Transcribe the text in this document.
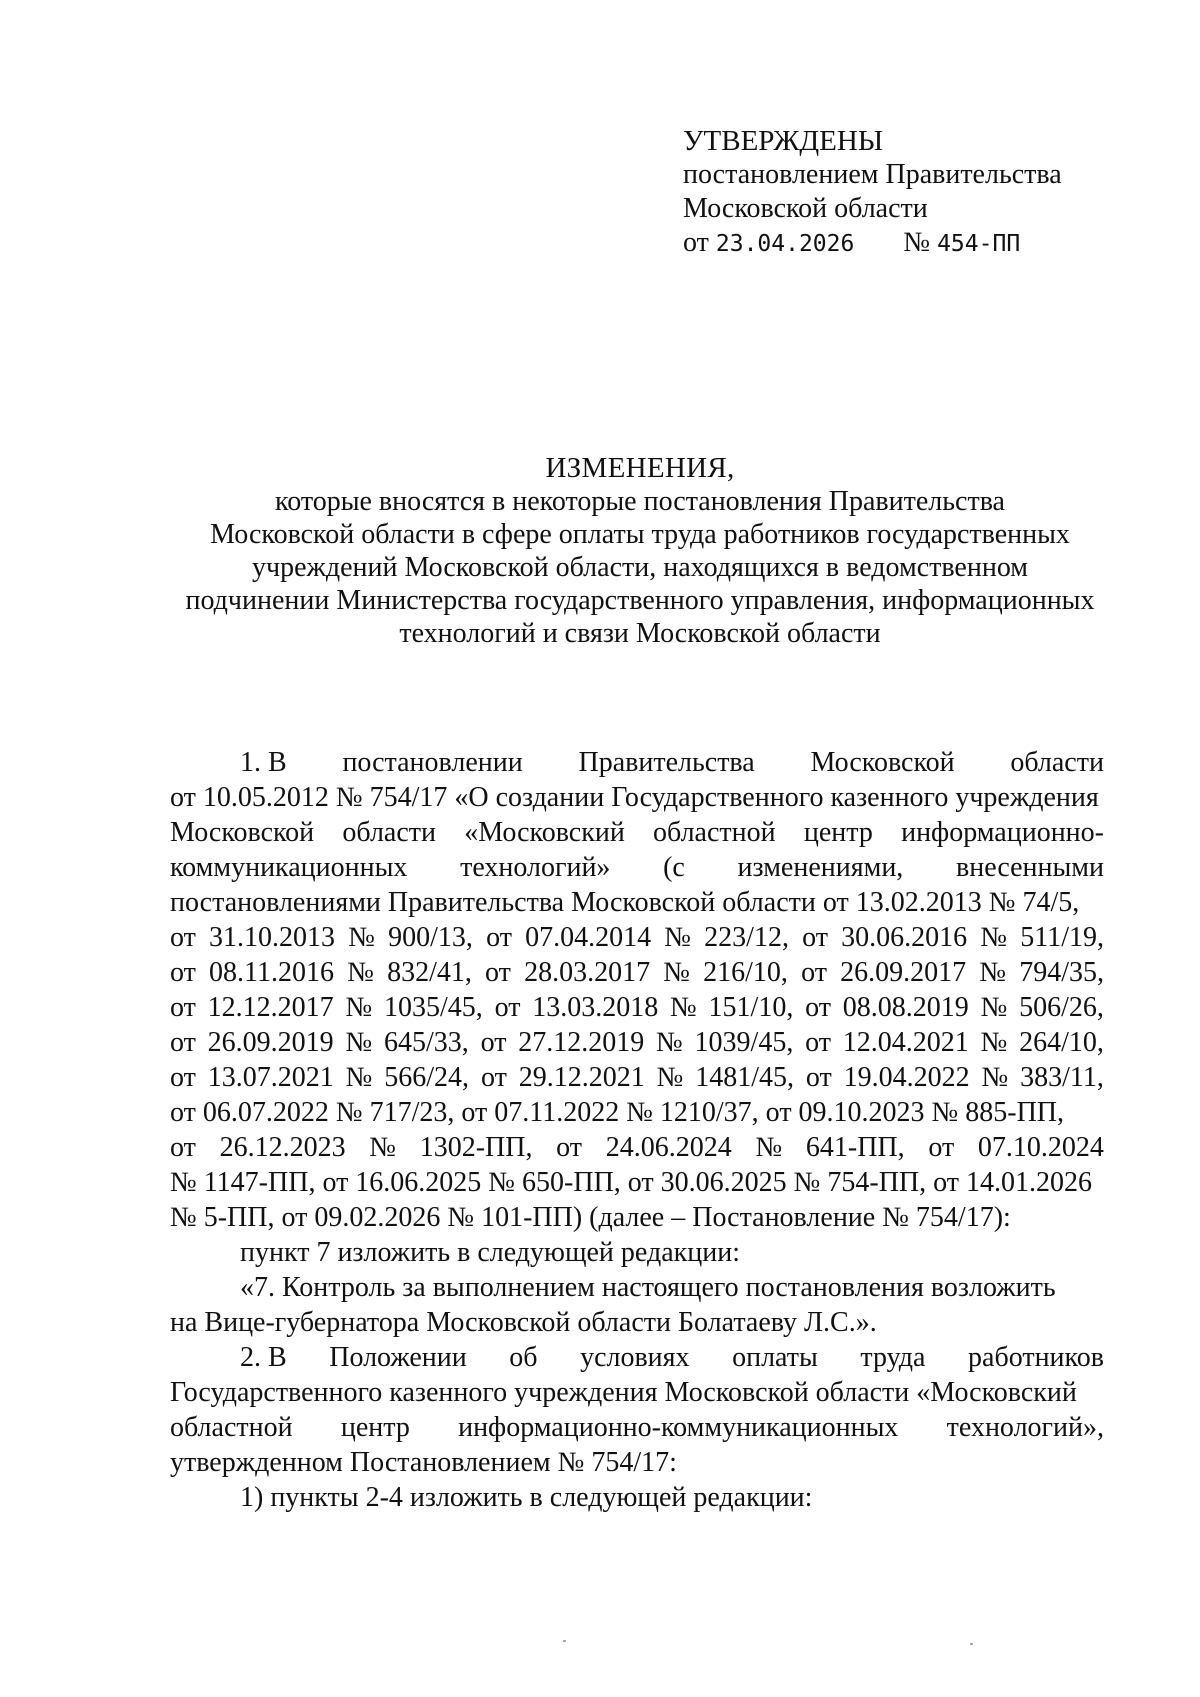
УТВЕРЖДЕНЫ
постановлением Правительства
Московской области
от 23.04.2026 № 454-ПП
ИЗМЕНЕНИЯ,
которые вносятся в некоторые постановления Правительства
Московской области в сфере оплаты труда работников государственных
учреждений Московской области, находящихся в ведомственном
подчинении Министерства государственного управления, информационных
технологий и связи Московской области
1. В постановлении Правительства Московской области
от 10.05.2012 № 754/17 «О создании Государственного казенного учреждения
Московской области «Московский областной центр информационно-
коммуникационных технологий» (с изменениями, внесенными
постановлениями Правительства Московской области от 13.02.2013 № 74/5,
от 31.10.2013 № 900/13, от 07.04.2014 № 223/12, от 30.06.2016 № 511/19,
от 08.11.2016 № 832/41, от 28.03.2017 № 216/10, от 26.09.2017 № 794/35,
от 12.12.2017 № 1035/45, от 13.03.2018 № 151/10, от 08.08.2019 № 506/26,
от 26.09.2019 № 645/33, от 27.12.2019 № 1039/45, от 12.04.2021 № 264/10,
от 13.07.2021 № 566/24, от 29.12.2021 № 1481/45, от 19.04.2022 № 383/11,
от 06.07.2022 № 717/23, от 07.11.2022 № 1210/37, от 09.10.2023 № 885-ПП,
от 26.12.2023 № 1302-ПП, от 24.06.2024 № 641-ПП, от 07.10.2024
№ 1147-ПП, от 16.06.2025 № 650-ПП, от 30.06.2025 № 754-ПП, от 14.01.2026
№ 5-ПП, от 09.02.2026 № 101-ПП) (далее – Постановление № 754/17):
пункт 7 изложить в следующей редакции:
«7. Контроль за выполнением настоящего постановления возложить
на Вице-губернатора Московской области Болатаеву Л.С.».
2. В Положении об условиях оплаты труда работников
Государственного казенного учреждения Московской области «Московский
областной центр информационно-коммуникационных технологий»,
утвержденном Постановлением № 754/17:
1) пункты 2-4 изложить в следующей редакции:
